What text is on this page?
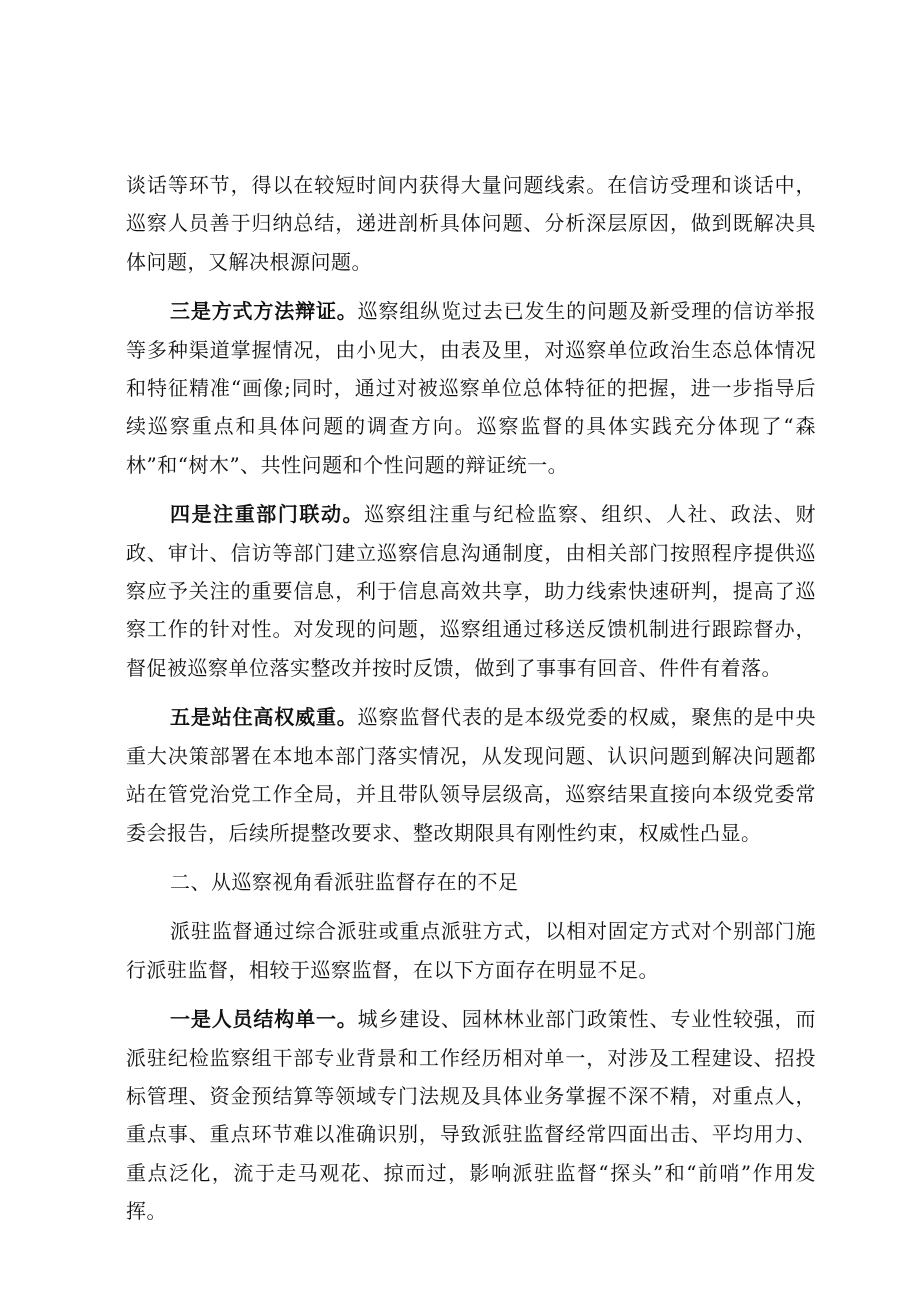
谈话等环节，得以在较短时间内获得大量问题线索。在信访受理和谈话中，巡察人员善于归纳总结，递进剖析具体问题、分析深层原因，做到既解决具体问题，又解决根源问题。

三是方式方法辩证。巡察组纵览过去已发生的问题及新受理的信访举报等多种渠道掌握情况，由小见大，由表及里，对巡察单位政治生态总体情况和特征精准“画像;同时，通过对被巡察单位总体特征的把握，进一步指导后续巡察重点和具体问题的调查方向。巡察监督的具体实践充分体现了“森林”和“树木”、共性问题和个性问题的辩证统一。

四是注重部门联动。巡察组注重与纪检监察、组织、人社、政法、财政、审计、信访等部门建立巡察信息沟通制度，由相关部门按照程序提供巡察应予关注的重要信息，利于信息高效共享，助力线索快速研判，提高了巡察工作的针对性。对发现的问题，巡察组通过移送反馈机制进行跟踪督办，督促被巡察单位落实整改并按时反馈，做到了事事有回音、件件有着落。

五是站住高权威重。巡察监督代表的是本级党委的权威，聚焦的是中央重大决策部署在本地本部门落实情况，从发现问题、认识问题到解决问题都站在管党治党工作全局，并且带队领导层级高，巡察结果直接向本级党委常委会报告，后续所提整改要求、整改期限具有刚性约束，权威性凸显。

二、从巡察视角看派驻监督存在的不足

派驻监督通过综合派驻或重点派驻方式，以相对固定方式对个别部门施行派驻监督，相较于巡察监督，在以下方面存在明显不足。

一是人员结构单一。城乡建设、园林林业部门政策性、专业性较强，而派驻纪检监察组干部专业背景和工作经历相对单一，对涉及工程建设、招投标管理、资金预结算等领域专门法规及具体业务掌握不深不精，对重点人，重点事、重点环节难以准确识别，导致派驻监督经常四面出击、平均用力、重点泛化，流于走马观花、掠而过，影响派驻监督“探头”和“前哨”作用发挥。
